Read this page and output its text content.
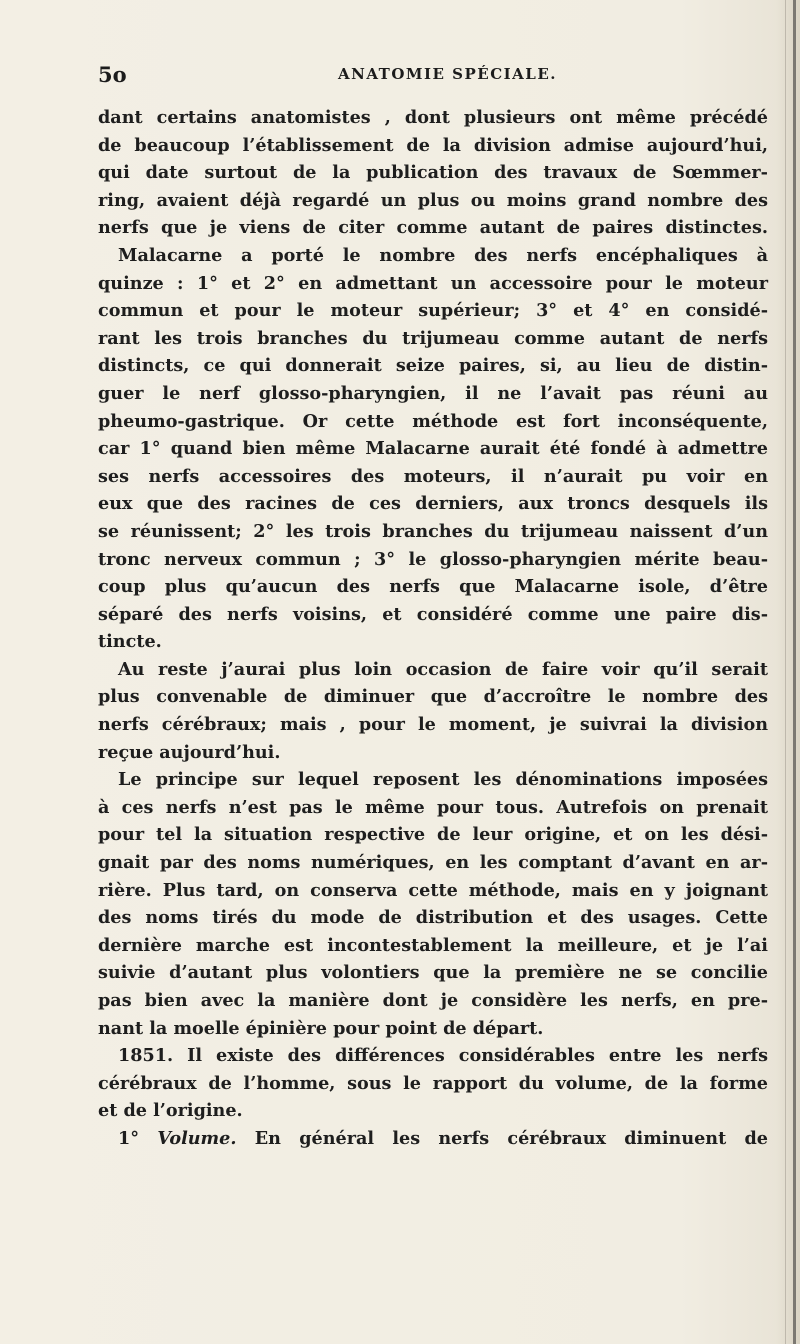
5o	ANATOMIE SPÉCIALE.
dant certains anatomistes , dont plusieurs ont même précédé
de beaucoup l’établissement de la division admise aujourd’hui,
qui date surtout de la publication des travaux de Sœmmer-
ring, avaient déjà regardé un plus ou moins grand nombre des
nerfs que je viens de citer comme autant de paires distinctes.
Malacarne a porté le nombre des nerfs encéphaliques à
quinze : 1° et 2° en admettant un accessoire pour le moteur
commun et pour le moteur supérieur; 3° et 4° en considé-
rant les trois branches du trijumeau comme autant de nerfs
distincts, ce qui donnerait seize paires, si, au lieu de distin-
guer le nerf glosso-pharyngien, il ne l’avait pas réuni au
pheumo-gastrique. Or cette méthode est fort inconséquente,
car 1° quand bien même Malacarne aurait été fondé à admettre
ses nerfs accessoires des moteurs, il n’aurait pu voir en
eux que des racines de ces derniers, aux troncs desquels ils
se réunissent; 2° les trois branches du trijumeau naissent d’un
tronc nerveux commun ; 3° le glosso-pharyngien mérite beau-
coup plus qu’aucun des nerfs que Malacarne isole, d’être
séparé des nerfs voisins, et considéré comme une paire dis-
tincte.
Au reste j’aurai plus loin occasion de faire voir qu’il serait
plus convenable de diminuer que d’accroître le nombre des
nerfs cérébraux; mais , pour le moment, je suivrai la division
reçue aujourd’hui.
Le principe sur lequel reposent les dénominations imposées
à ces nerfs n’est pas le même pour tous. Autrefois on prenait
pour tel la situation respective de leur origine, et on les dési-
gnait par des noms numériques, en les comptant d’avant en ar-
rière. Plus tard, on conserva cette méthode, mais en y joignant
des noms tirés du mode de distribution et des usages. Cette
dernière marche est incontestablement la meilleure, et je l’ai
suivie d’autant plus volontiers que la première ne se concilie
pas bien avec la manière dont je considère les nerfs, en pre-
nant la moelle épinière pour point de départ.
1851. Il existe des différences considérables entre les nerfs
cérébraux de l’homme, sous le rapport du volume, de la forme
et de l’origine.
1° Volume. En général les nerfs cérébraux diminuent de
